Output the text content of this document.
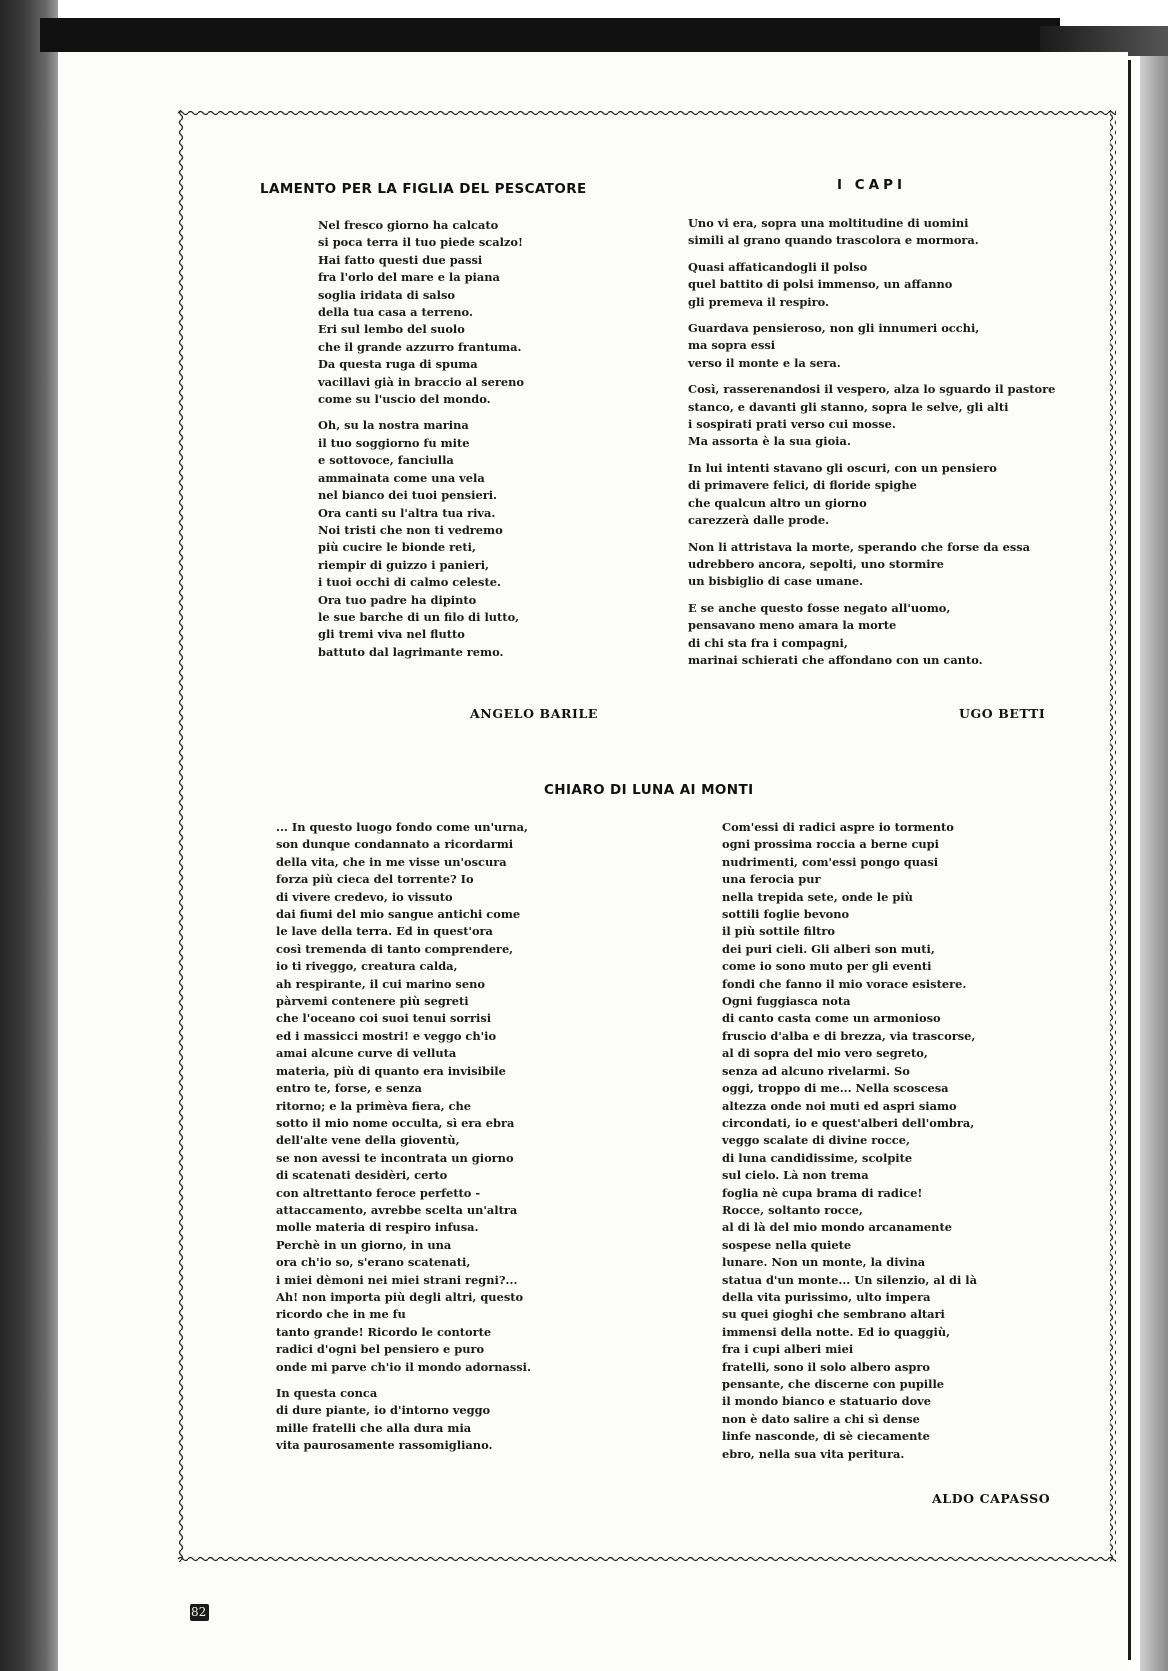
LAMENTO PER LA FIGLIA DEL PESCATORE
Nel fresco giorno ha calcato
si poca terra il tuo piede scalzo!
Hai fatto questi due passi
fra l'orlo del mare e la piana
soglia iridata di salso
della tua casa a terreno.
Eri sul lembo del suolo
che il grande azzurro frantuma.
Da questa ruga di spuma
vacillavi già in braccio al sereno
come su l'uscio del mondo.
Oh, su la nostra marina
il tuo soggiorno fu mite
e sottovoce, fanciulla
ammainata come una vela
nel bianco dei tuoi pensieri.
Ora canti su l'altra tua riva.
Noi tristi che non ti vedremo
più cucire le bionde reti,
riempir di guizzo i panieri,
i tuoi occhi di calmo celeste.
Ora tuo padre ha dipinto
le sue barche di un filo di lutto,
gli tremi viva nel flutto
battuto dal lagrimante remo.
ANGELO BARILE
I CAPI
Uno vi era, sopra una moltitudine di uomini
simili al grano quando trascolora e mormora.
Quasi affaticandogli il polso
quel battito di polsi immenso, un affanno
gli premeva il respiro.
Guardava pensieroso, non gli innumeri occhi,
ma sopra essi
verso il monte e la sera.
Così, rasserenandosi il vespero, alza lo sguardo il pastore
stanco, e davanti gli stanno, sopra le selve, gli alti
i sospirati prati verso cui mosse.
Ma assorta è la sua gioia.
In lui intenti stavano gli oscuri, con un pensiero
di primavere felici, di floride spighe
che qualcun altro un giorno
carezzerà dalle prode.
Non li attristava la morte, sperando che forse da essa
udrebbero ancora, sepolti, uno stormire
un bisbiglio di case umane.
E se anche questo fosse negato all'uomo,
pensavano meno amara la morte
di chi sta fra i compagni,
marinai schierati che affondano con un canto.
UGO BETTI
CHIARO DI LUNA AI MONTI
... In questo luogo fondo come un'urna,
son dunque condannato a ricordarmi
della vita, che in me visse un'oscura
forza più cieca del torrente? Io
di vivere credevo, io vissuto
dai fiumi del mio sangue antichi come
le lave della terra. Ed in quest'ora
così tremenda di tanto comprendere,
io ti riveggo, creatura calda,
ah respirante, il cui marino seno
pàrvemi contenere più segreti
che l'oceano coi suoi tenui sorrisi
ed i massicci mostri! e veggo ch'io
amai alcune curve di velluta
materia, più di quanto era invisibile
entro te, forse, e senza
ritorno; e la primèva fiera, che
sotto il mio nome occulta, sì era ebra
dell'alte vene della gioventù,
se non avessi te incontrata un giorno
di scatenati desidèri, certo
con altrettanto feroce perfetto -
attaccamento, avrebbe scelta un'altra
molle materia di respiro infusa.
Perchè in un giorno, in una
ora ch'io so, s'erano scatenati,
i miei dèmoni nei miei strani regni?...
Ah! non importa più degli altri, questo
ricordo che in me fu
tanto grande! Ricordo le contorte
radici d'ogni bel pensiero e puro
onde mi parve ch'io il mondo adornassi.
In questa conca
di dure piante, io d'intorno veggo
mille fratelli che alla dura mia
vita paurosamente rassomigliano.
Com'essi di radici aspre io tormento
ogni prossima roccia a berne cupi
nudrimenti, com'essi pongo quasi
una ferocia pur
nella trepida sete, onde le più
sottili foglie bevono
il più sottile filtro
dei puri cieli. Gli alberi son muti,
come io sono muto per gli eventi
fondi che fanno il mio vorace esistere.
Ogni fuggiasca nota
di canto casta come un armonioso
fruscio d'alba e di brezza, via trascorse,
al di sopra del mio vero segreto,
senza ad alcuno rivelarmi. So
oggi, troppo di me... Nella scoscesa
altezza onde noi muti ed aspri siamo
circondati, io e quest'alberi dell'ombra,
veggo scalate di divine rocce,
di luna candidissime, scolpite
sul cielo. Là non trema
foglia nè cupa brama di radice!
Rocce, soltanto rocce,
al di là del mio mondo arcanamente
sospese nella quiete
lunare. Non un monte, la divina
statua d'un monte... Un silenzio, al di là
della vita purissimo, ulto impera
su quei gioghi che sembrano altari
immensi della notte. Ed io quaggiù,
fra i cupi alberi miei
fratelli, sono il solo albero aspro
pensante, che discerne con pupille
il mondo bianco e statuario dove
non è dato salire a chi sì dense
linfe nasconde, di sè ciecamente
ebro, nella sua vita peritura.
ALDO CAPASSO
82
